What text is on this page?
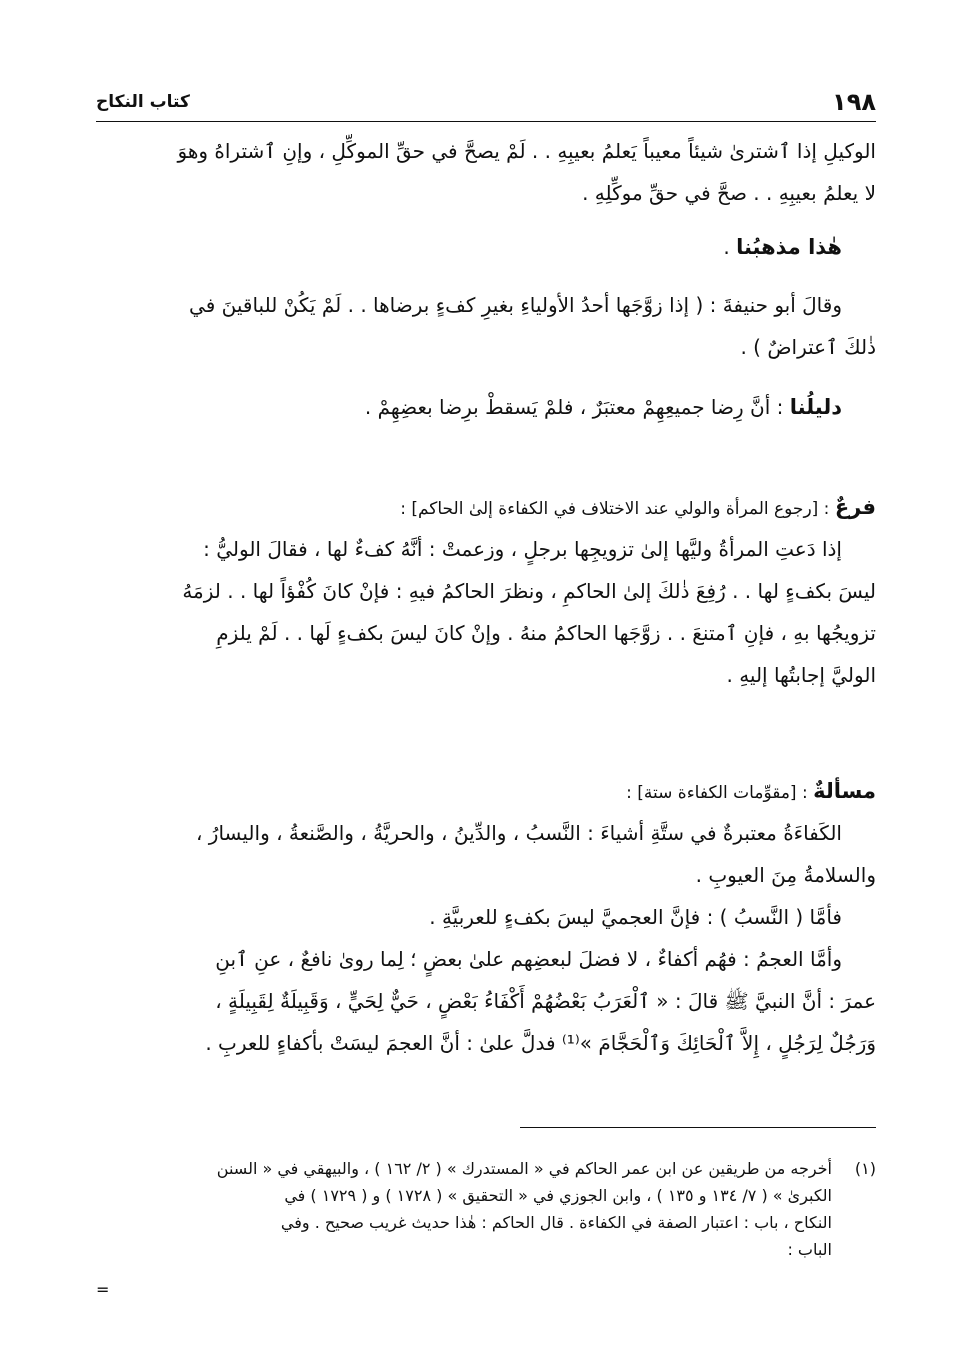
١٩٨
كتاب النكاح
الوكيلِ إذا ٱشترىٰ شيئاً معيباً يَعلمُ بعيبِهِ . . لَمْ يصحَّ في حقِّ الموكِّلِ ، وإنِ ٱشتراهُ وهوَ
لا يعلمُ بعيبِهِ . . صحَّ في حقِّ موكِّلِهِ .
هٰذا مذهبُنا .
وقالَ أبو حنيفةَ : ( إذا زوَّجَها أحدُ الأولياءِ بغيرِ كفءٍ برضاها . . لَمْ يَكُنْ للباقينَ في
ذٰلكَ ٱعتراضٌ ) .
دليلُنا : أنَّ رِضا جميعِهِمْ معتبَرٌ ، فلمْ يَسقطْ برِضا بعضِهِمْ .
فرعٌ : [رجوع المرأة والولي عند الاختلاف في الكفاءة إلىٰ الحاكم] :
إذا دَعتِ المرأةُ وليَّها إلىٰ تزويجِها برجلٍ ، وزعمتْ : أنَّهُ كفءٌ لها ، فقالَ الوليُّ :
ليسَ بكفءٍ لها . . رُفِعَ ذٰلكَ إلىٰ الحاكمِ ، ونظرَ الحاكمُ فيهِ : فإنْ كانَ كُفْؤاً لها . . لزمَهُ
تزويجُها بهِ ، فإنِ ٱمتنعَ . . زوَّجَها الحاكمُ منهُ . وإنْ كانَ ليسَ بكفءٍ لَها . . لَمْ يلزمِ
الوليَّ إجابتُها إليهِ .
مسألةٌ : [مقوِّمات الكفاءة ستة] :
الكَفاءَةُ معتبرةٌ في ستَّةِ أشياءَ : النَّسبُ ، والدِّينُ ، والحريَّةُ ، والصَّنعةُ ، واليسارُ ،
والسلامةُ مِنَ العيوبِ .
فأمَّا ( النَّسبُ ) : فإنَّ العجميَّ ليسَ بكفءٍ للعربيَّةِ .
وأمَّا العجمُ : فهُم أكفاءٌ ، لا فضلَ لبعضِهم علىٰ بعضٍ ؛ لِما روىٰ نافعٌ ، عنِ ٱبنِ
عمرَ : أنَّ النبيَّ ﷺ قالَ : « ٱلْعَرَبُ بَعْضُهُمْ أَكْفَاءُ بَعْضٍ ، حَيٌّ لِحَيٍّ ، وَقَبِيلَةٌ لِقَبِيلَةٍ ،
وَرَجُلٌ لِرَجُلٍ ، إِلاَّ ٱلْحَائِكَ وَٱلْحَجَّامَ »⁽¹⁾ فدلَّ علىٰ : أنَّ العجمَ ليسَتْ بأكفاءٍ للعربِ .
(١)أخرجه من طريقين عن ابن عمر الحاكم في « المستدرك » ( ٢/ ١٦٢ ) ، والبيهقي في « السنن
الكبرىٰ » ( ٧/ ١٣٤ و ١٣٥ ) ، وابن الجوزي في « التحقيق » ( ١٧٢٨ ) و ( ١٧٢٩ ) في
النكاح ، باب : اعتبار الصفة في الكفاءة . قال الحاكم : هٰذا حديث غريب صحيح . وفي
الباب :
=
